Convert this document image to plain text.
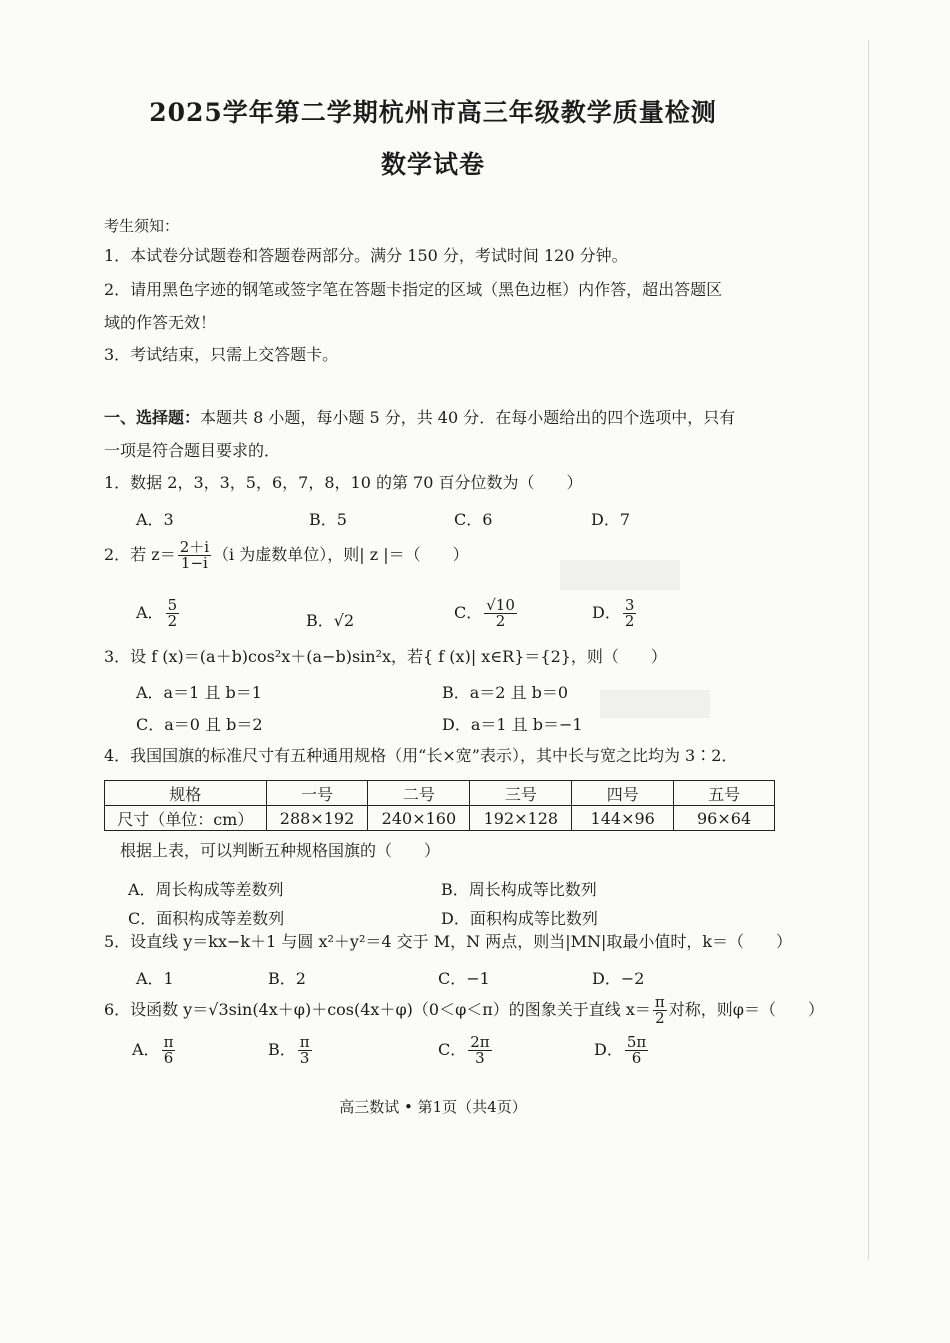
2025学年第二学期杭州市高三年级教学质量检测
数学试卷
考生须知：
1．本试卷分试题卷和答题卷两部分。满分 150 分，考试时间 120 分钟。
2．请用黑色字迹的钢笔或签字笔在答题卡指定的区域（黑色边框）内作答，超出答题区
域的作答无效！
3．考试结束，只需上交答题卡。
一、选择题：本题共 8 小题，每小题 5 分，共 40 分．在每小题给出的四个选项中，只有
一项是符合题目要求的．
1．数据 2，3，3，5，6，7，8，10 的第 70 百分位数为（　　）
A．3	B．5	C．6	D．7
2．若 $z= \frac{2+i}{1-i} (i$ 为虚数单位），则| z |＝（　　）
A． $\frac{5}{2}$	B．√2	C． $\frac{√10}{2}$	D． $\frac{3}{2}$
3．设 f (x)＝(a＋b)cos²x＋(a−b)sin²x，若{ f (x)| x∈R}＝{2}，则（　　）
A．a＝1 且 b＝1	B．a＝2 且 b＝0
C．a＝0 且 b＝2	D．a＝1 且 b＝−1
4．我国国旗的标准尺寸有五种通用规格（用“长×宽”表示），其中长与宽之比均为 3∶2．
规格	一号	二号	三号	四号	五号
尺寸（单位：cm）	288×192	240×160	192×128	144×96	96×64
根据上表，可以判断五种规格国旗的（　　）
A．周长构成等差数列	B．周长构成等比数列
C．面积构成等差数列	D．面积构成等比数列
5．设直线 y＝kx−k＋1 与圆 x²＋y²＝4 交于 M，N 两点，则当|MN|取最小值时，k＝（　　）
A．1	B．2	C．−1	D．−2
6．设函数 y＝√3sin(4x＋φ)＋cos(4x＋φ)（0＜φ＜π）的图象关于直线 $x= \frac{\pi}{2}$ 对称，则φ＝（　　）
A． $\frac{\pi}{6}$	B． $\frac{\pi}{3}$	C． $\frac{2\pi}{3}$	D． $\frac{5\pi}{6}$
高三数试 • 第1页（共4页）
